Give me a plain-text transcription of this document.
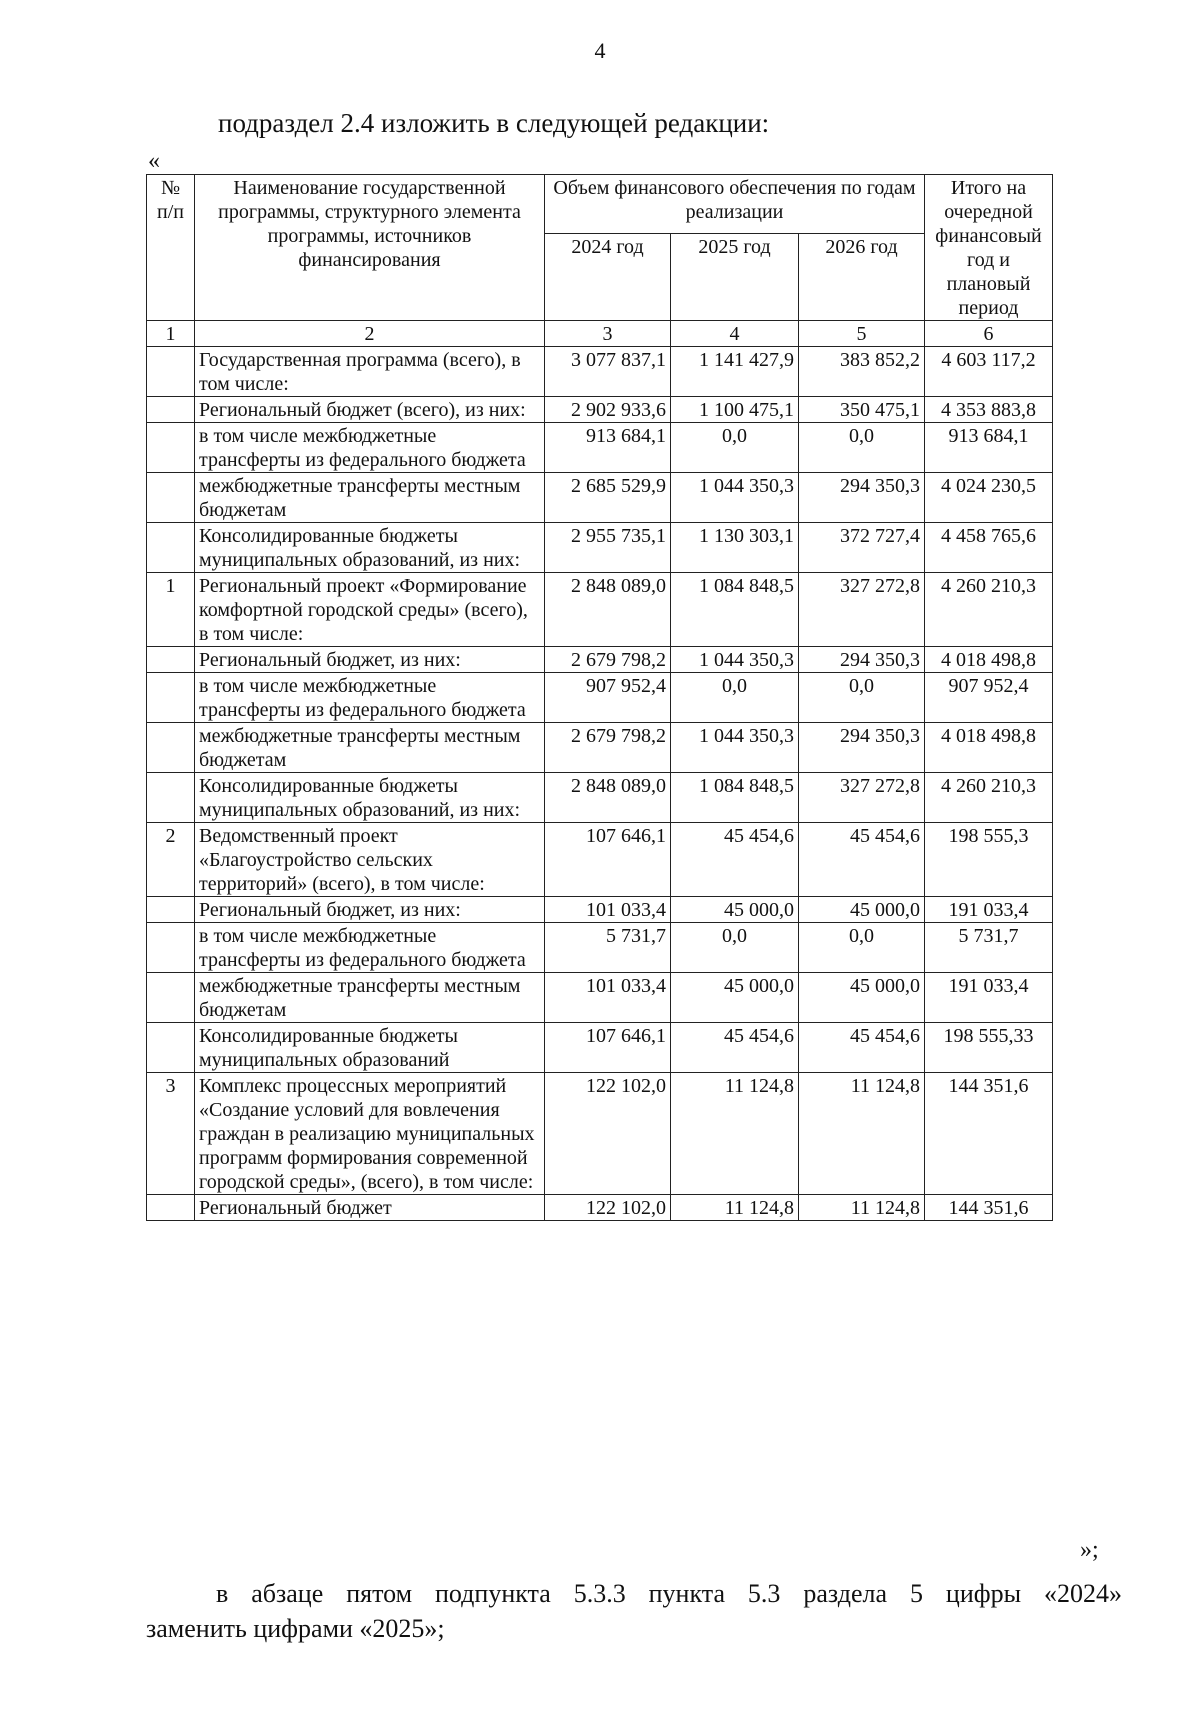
4
подраздел 2.4 изложить в следующей редакции:
«
№ п/п	Наименование государственной программы, структурного элемента программы, источников финансирования	Объем финансового обеспечения по годам реализации			Итого на очередной финансовый год и плановый период
		2024 год	2025 год	2026 год	
1	2	3	4	5	6
	Государственная программа (всего), в том числе:	3 077 837,1	1 141 427,9	383 852,2	4 603 117,2
	Региональный бюджет (всего), из них:	2 902 933,6	1 100 475,1	350 475,1	4 353 883,8
	в том числе межбюджетные трансферты из федерального бюджета	913 684,1	0,0	0,0	913 684,1
	межбюджетные трансферты местным бюджетам	2 685 529,9	1 044 350,3	294 350,3	4 024 230,5
	Консолидированные бюджеты муниципальных образований, из них:	2 955 735,1	1 130 303,1	372 727,4	4 458 765,6
1	Региональный проект «Формирование комфортной городской среды» (всего), в том числе:	2 848 089,0	1 084 848,5	327 272,8	4 260 210,3
	Региональный бюджет, из них:	2 679 798,2	1 044 350,3	294 350,3	4 018 498,8
	в том числе межбюджетные трансферты из федерального бюджета	907 952,4	0,0	0,0	907 952,4
	межбюджетные трансферты местным бюджетам	2 679 798,2	1 044 350,3	294 350,3	4 018 498,8
	Консолидированные бюджеты муниципальных образований, из них:	2 848 089,0	1 084 848,5	327 272,8	4 260 210,3
2	Ведомственный проект «Благоустройство сельских территорий» (всего), в том числе:	107 646,1	45 454,6	45 454,6	198 555,3
	Региональный бюджет, из них:	101 033,4	45 000,0	45 000,0	191 033,4
	в том числе межбюджетные трансферты из федерального бюджета	5 731,7	0,0	0,0	5 731,7
	межбюджетные трансферты местным бюджетам	101 033,4	45 000,0	45 000,0	191 033,4
	Консолидированные бюджеты муниципальных образований	107 646,1	45 454,6	45 454,6	198 555,33
3	Комплекс процессных мероприятий «Создание условий для вовлечения граждан в реализацию муниципальных программ формирования современной городской среды», (всего), в том числе:	122 102,0	11 124,8	11 124,8	144 351,6
	Региональный бюджет	122 102,0	11 124,8	11 124,8	144 351,6
»;
в абзаце пятом подпункта 5.3.3 пункта 5.3 раздела 5 цифры «2024»
заменить цифрами «2025»;
